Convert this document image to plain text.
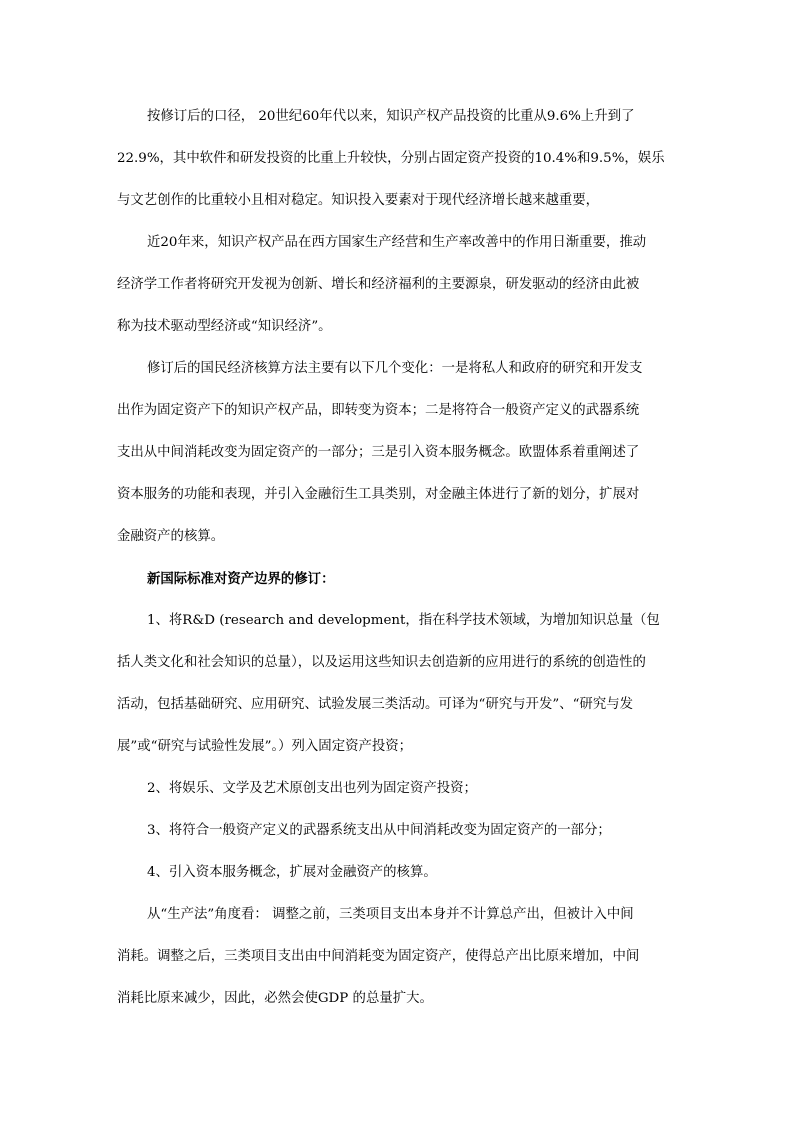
按修订后的口径， 20世纪60年代以来，知识产权产品投资的比重从9.6%上升到了
22.9%，其中软件和研发投资的比重上升较快，分别占固定资产投资的10.4%和9.5%，娱乐
与文艺创作的比重较小且相对稳定。知识投入要素对于现代经济增长越来越重要，

近20年来，知识产权产品在西方国家生产经营和生产率改善中的作用日渐重要，推动
经济学工作者将研究开发视为创新、增长和经济福利的主要源泉，研发驱动的经济由此被
称为技术驱动型经济或“知识经济”。

修订后的国民经济核算方法主要有以下几个变化：一是将私人和政府的研究和开发支
出作为固定资产下的知识产权产品，即转变为资本；二是将符合一般资产定义的武器系统
支出从中间消耗改变为固定资产的一部分；三是引入资本服务概念。欧盟体系着重阐述了
资本服务的功能和表现，并引入金融衍生工具类别，对金融主体进行了新的划分，扩展对
金融资产的核算。

新国际标准对资产边界的修订：

1、将R&D (research and development，指在科学技术领域，为增加知识总量（包
括人类文化和社会知识的总量），以及运用这些知识去创造新的应用进行的系统的创造性的
活动，包括基础研究、应用研究、试验发展三类活动。可译为“研究与开发”、“研究与发
展”或“研究与试验性发展”。）列入固定资产投资；

2、将娱乐、文学及艺术原创支出也列为固定资产投资；

3、将符合一般资产定义的武器系统支出从中间消耗改变为固定资产的一部分；

4、引入资本服务概念，扩展对金融资产的核算。

从“生产法”角度看： 调整之前，三类项目支出本身并不计算总产出，但被计入中间
消耗。调整之后，三类项目支出由中间消耗变为固定资产，使得总产出比原来增加，中间
消耗比原来减少，因此，必然会使GDP 的总量扩大。
